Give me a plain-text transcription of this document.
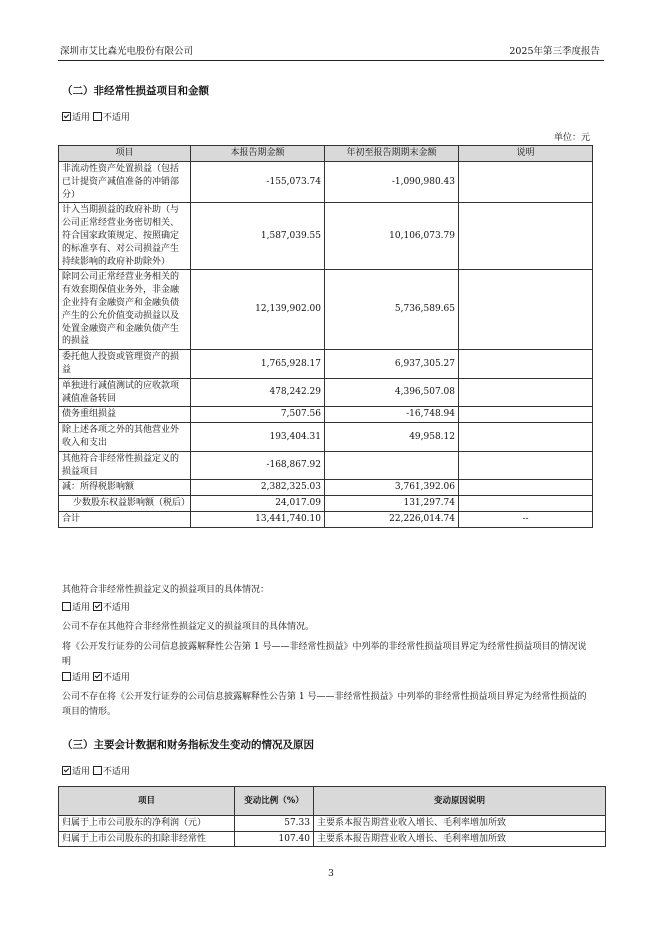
深圳市艾比森光电股份有限公司	2025年第三季度报告
（二）非经常性损益项目和金额
适用 不适用
单位：元
项目	本报告期金额	年初至报告期期末金额	说明
非流动性资产处置损益（包括已计提资产减值准备的冲销部分）	-155,073.74	-1,090,980.43	
计入当期损益的政府补助（与公司正常经营业务密切相关、符合国家政策规定、按照确定的标准享有、对公司损益产生持续影响的政府补助除外）	1,587,039.55	10,106,073.79	
除同公司正常经营业务相关的有效套期保值业务外，非金融企业持有金融资产和金融负债产生的公允价值变动损益以及处置金融资产和金融负债产生的损益	12,139,902.00	5,736,589.65	
委托他人投资或管理资产的损益	1,765,928.17	6,937,305.27	
单独进行减值测试的应收款项减值准备转回	478,242.29	4,396,507.08	
债务重组损益	7,507.56	-16,748.94	
除上述各项之外的其他营业外收入和支出	193,404.31	49,958.12	
其他符合非经常性损益定义的损益项目	-168,867.92		
减：所得税影响额	2,382,325.03	3,761,392.06	
少数股东权益影响额（税后）	24,017.09	131,297.74	
合计	13,441,740.10	22,226,014.74	--
其他符合非经常性损益定义的损益项目的具体情况：
适用 不适用
公司不存在其他符合非经常性损益定义的损益项目的具体情况。
将《公开发行证券的公司信息披露解释性公告第 1 号——非经常性损益》中列举的非经常性损益项目界定为经常性损益项目的情况说明
适用 不适用
公司不存在将《公开发行证券的公司信息披露解释性公告第 1 号——非经常性损益》中列举的非经常性损益项目界定为经常性损益的项目的情形。
（三）主要会计数据和财务指标发生变动的情况及原因
适用 不适用
项目	变动比例（%）	变动原因说明
归属于上市公司股东的净利润（元）	57.33	主要系本报告期营业收入增长、毛利率增加所致
归属于上市公司股东的扣除非经常性	107.40	主要系本报告期营业收入增长、毛利率增加所致
3
